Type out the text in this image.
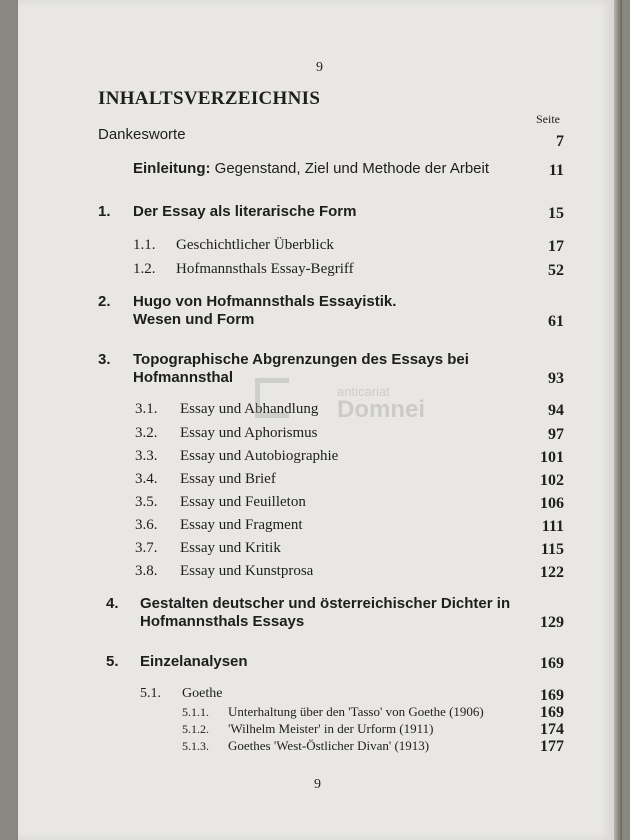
9
INHALTSVERZEICHNIS
Seite
Dankesworte	7
Einleitung: Gegenstand, Ziel und Methode der Arbeit	11
1. Der Essay als literarische Form	15
1.1. Geschichtlicher Überblick	17
1.2. Hofmannsthals Essay-Begriff	52
2. Hugo von Hofmannsthals Essayistik.
Wesen und Form	61
3. Topographische Abgrenzungen des Essays bei
Hofmannsthal	93
3.1. Essay und Abhandlung	94
3.2. Essay und Aphorismus	97
3.3. Essay und Autobiographie	101
3.4. Essay und Brief	102
3.5. Essay und Feuilleton	106
3.6. Essay und Fragment	111
3.7. Essay und Kritik	115
3.8. Essay und Kunstprosa	122
4. Gestalten deutscher und österreichischer Dichter in
Hofmannsthals Essays	129
5. Einzelanalysen	169
5.1. Goethe	169
5.1.1. Unterhaltung über den 'Tasso' von Goethe (1906)	169
5.1.2. 'Wilhelm Meister' in der Urform (1911)	174
5.1.3. Goethes 'West-Östlicher Divan' (1913)	177
9
anticariat
Domnei
